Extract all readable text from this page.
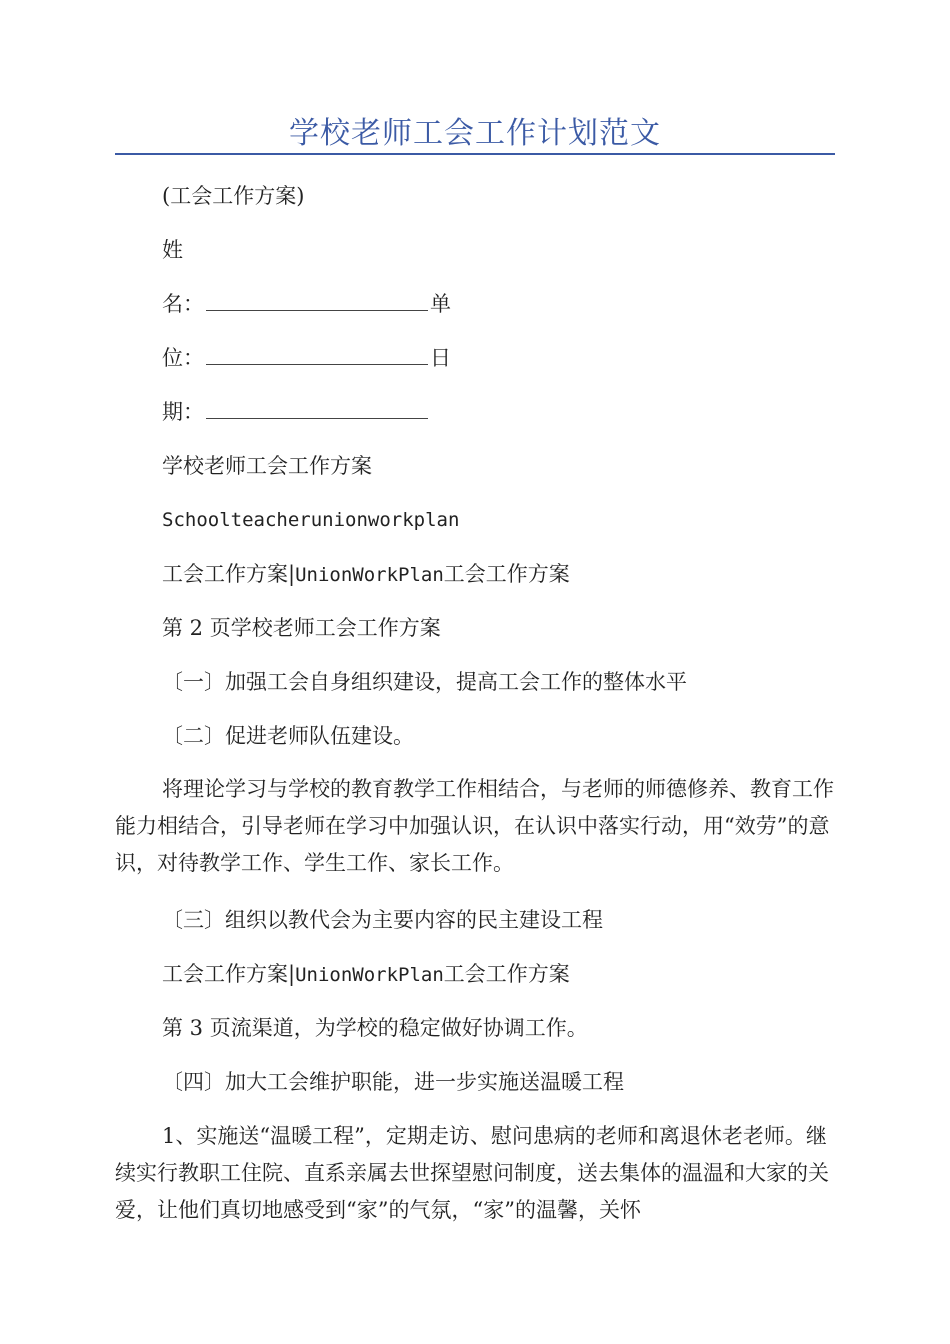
学校老师工会工作计划范文
(工会工作方案)
姓
名：	单
位：	日
期：
学校老师工会工作方案
Schoolteacherunionworkplan
工会工作方案|UnionWorkPlan工会工作方案
第 2 页学校老师工会工作方案
〔一〕加强工会自身组织建设，提高工会工作的整体水平
〔二〕促进老师队伍建设。
将理论学习与学校的教育教学工作相结合，与老师的师德修养、教育工作能力相结合，引导老师在学习中加强认识，在认识中落实行动，用“效劳”的意识，对待教学工作、学生工作、家长工作。
〔三〕组织以教代会为主要内容的民主建设工程
工会工作方案|UnionWorkPlan工会工作方案
第 3 页流渠道，为学校的稳定做好协调工作。
〔四〕加大工会维护职能，进一步实施送温暖工程
1、实施送“温暖工程”，定期走访、慰问患病的老师和离退休老老师。继续实行教职工住院、直系亲属去世探望慰问制度，送去集体的温温和大家的关爱，让他们真切地感受到“家”的气氛，“家”的温馨，关怀
